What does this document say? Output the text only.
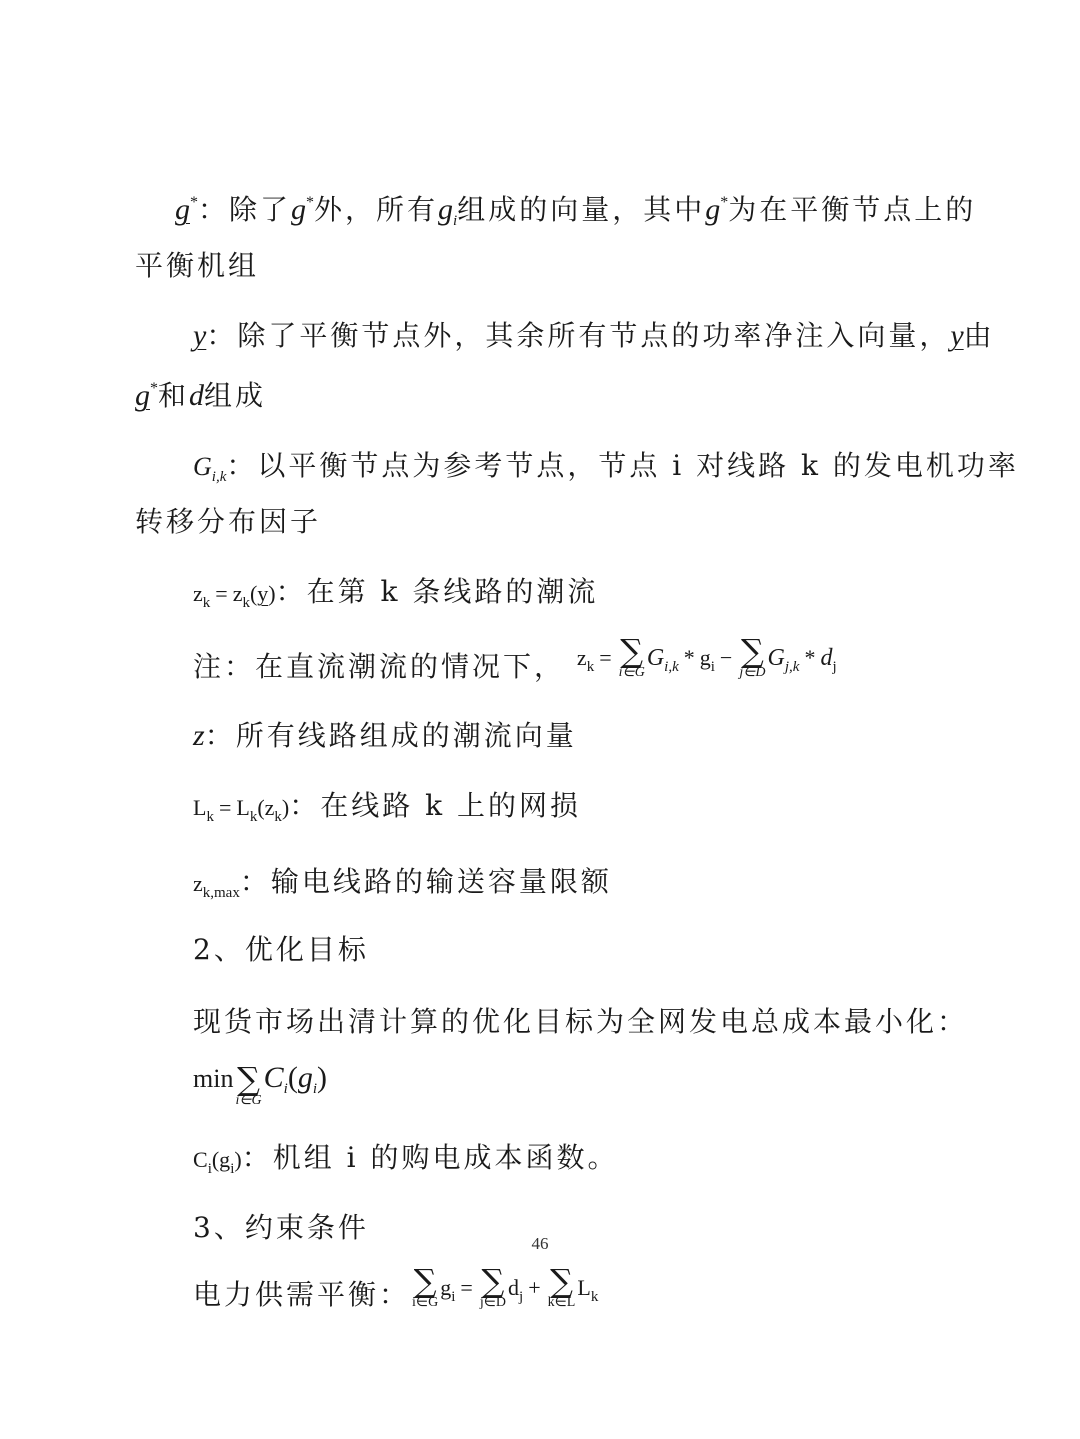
g*：除了g*外，所有$g_i$组成的向量，其中g*为在平衡节点上的
平衡机组
y：除了平衡节点外，其余所有节点的功率净注入向量，y由
g*和d组成
$G_{i,k}$：以平衡节点为参考节点，节点 i 对线路 k 的发电机功率
转移分布因子
$z_k = z_k(y)$：在第 k 条线路的潮流
注：在直流潮流的情况下， $z_k$ = ∑
i∈G
$G_{i,k} * g_i$ − ∑
j∈D
$G_{j,k} * d_j$
z：所有线路组成的潮流向量
$L_k = L_k(z_k)$：在线路 k 上的网损
$z_{k,max}$：输电线路的输送容量限额
2、优化目标
现货市场出清计算的优化目标为全网发电总成本最小化：
min ∑
i∈G
$C_i(g_i)$
$C_i(g_i)$：机组 i 的购电成本函数。
3、约束条件
电力供需平衡： ∑
i∈G
$g_i$ = ∑
j∈D
$d_j$ + ∑
k∈L
$L_k$
46
